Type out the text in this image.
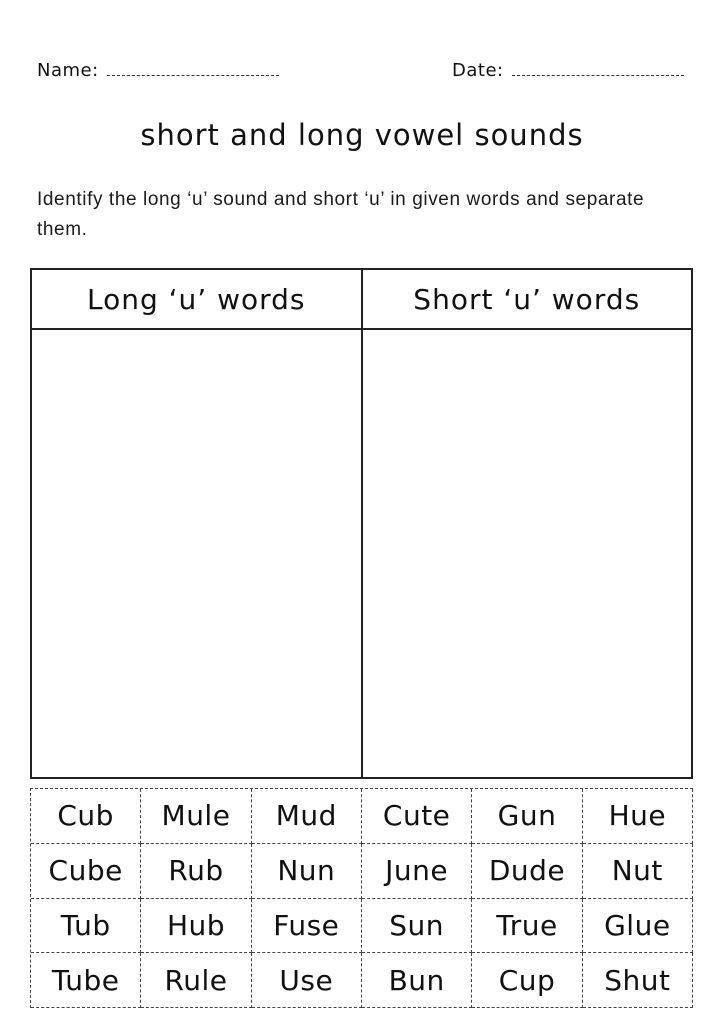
Name:	Date:
short and long vowel sounds
Identify the long ‘u’ sound and short ‘u’ in given words and separate them.
Long ‘u’ words	Short ‘u’ words
Cub	Mule	Mud	Cute	Gun	Hue
Cube	Rub	Nun	June	Dude	Nut
Tub	Hub	Fuse	Sun	True	Glue
Tube	Rule	Use	Bun	Cup	Shut
